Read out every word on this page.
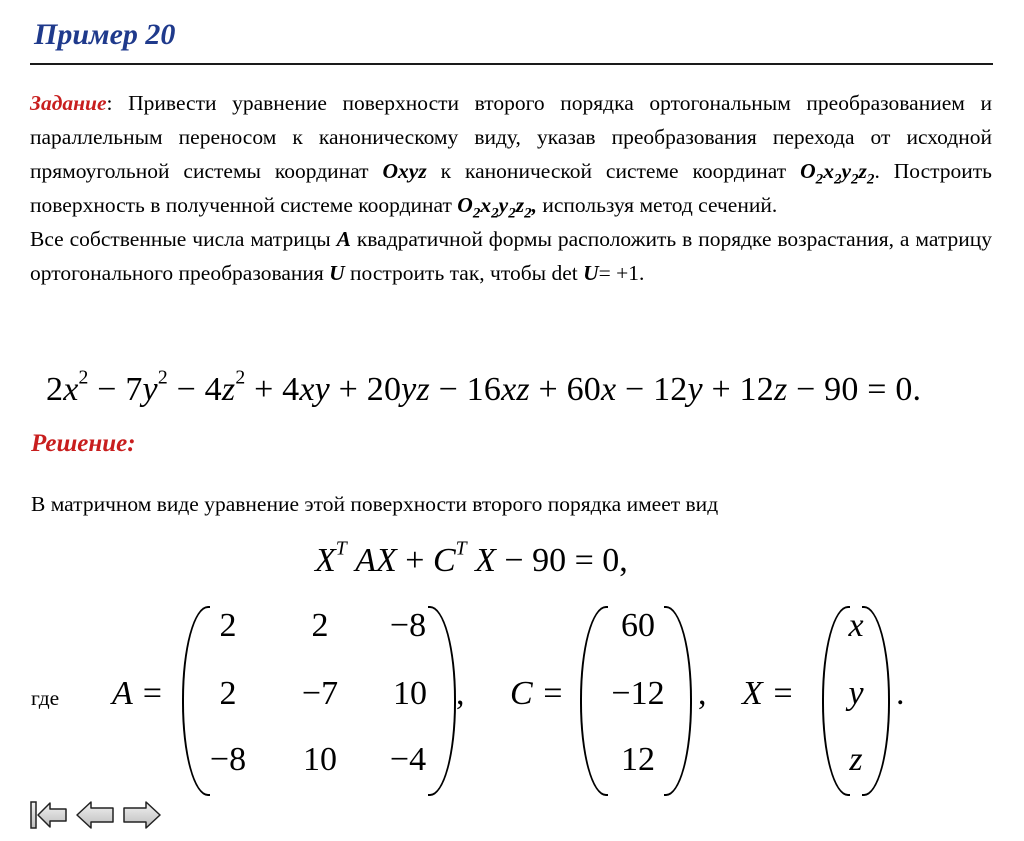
Пример 20
Задание: Привести уравнение поверхности второго порядка ортогональным преобразованием и параллельным переносом к каноническому виду, указав преобразования перехода от исходной прямоугольной системы координат Oxyz к канонической системе координат $O_2x_2y_2z_2$. Построить поверхность в полученной системе координат $O_2x_2y_2z_2$, используя метод сечений.
Все собственные числа матрицы A квадратичной формы расположить в порядке возрастания, а матрицу ортогонального преобразования U построить так, чтобы det U= +1.
$2x^2 - 7y^2 - 4z^2 + 4xy + 20yz - 16xz + 60x - 12y + 12z - 90 = 0$.
Решение:
В матричном виде уравнение этой поверхности второго порядка имеет вид
$X^T$ AX + $C^T$ X − 90 = 0,
где A =
2	2	−8
2	−7	10
−8	10	−4
, C =
60
−12
12
, X =
x
y
z
.
